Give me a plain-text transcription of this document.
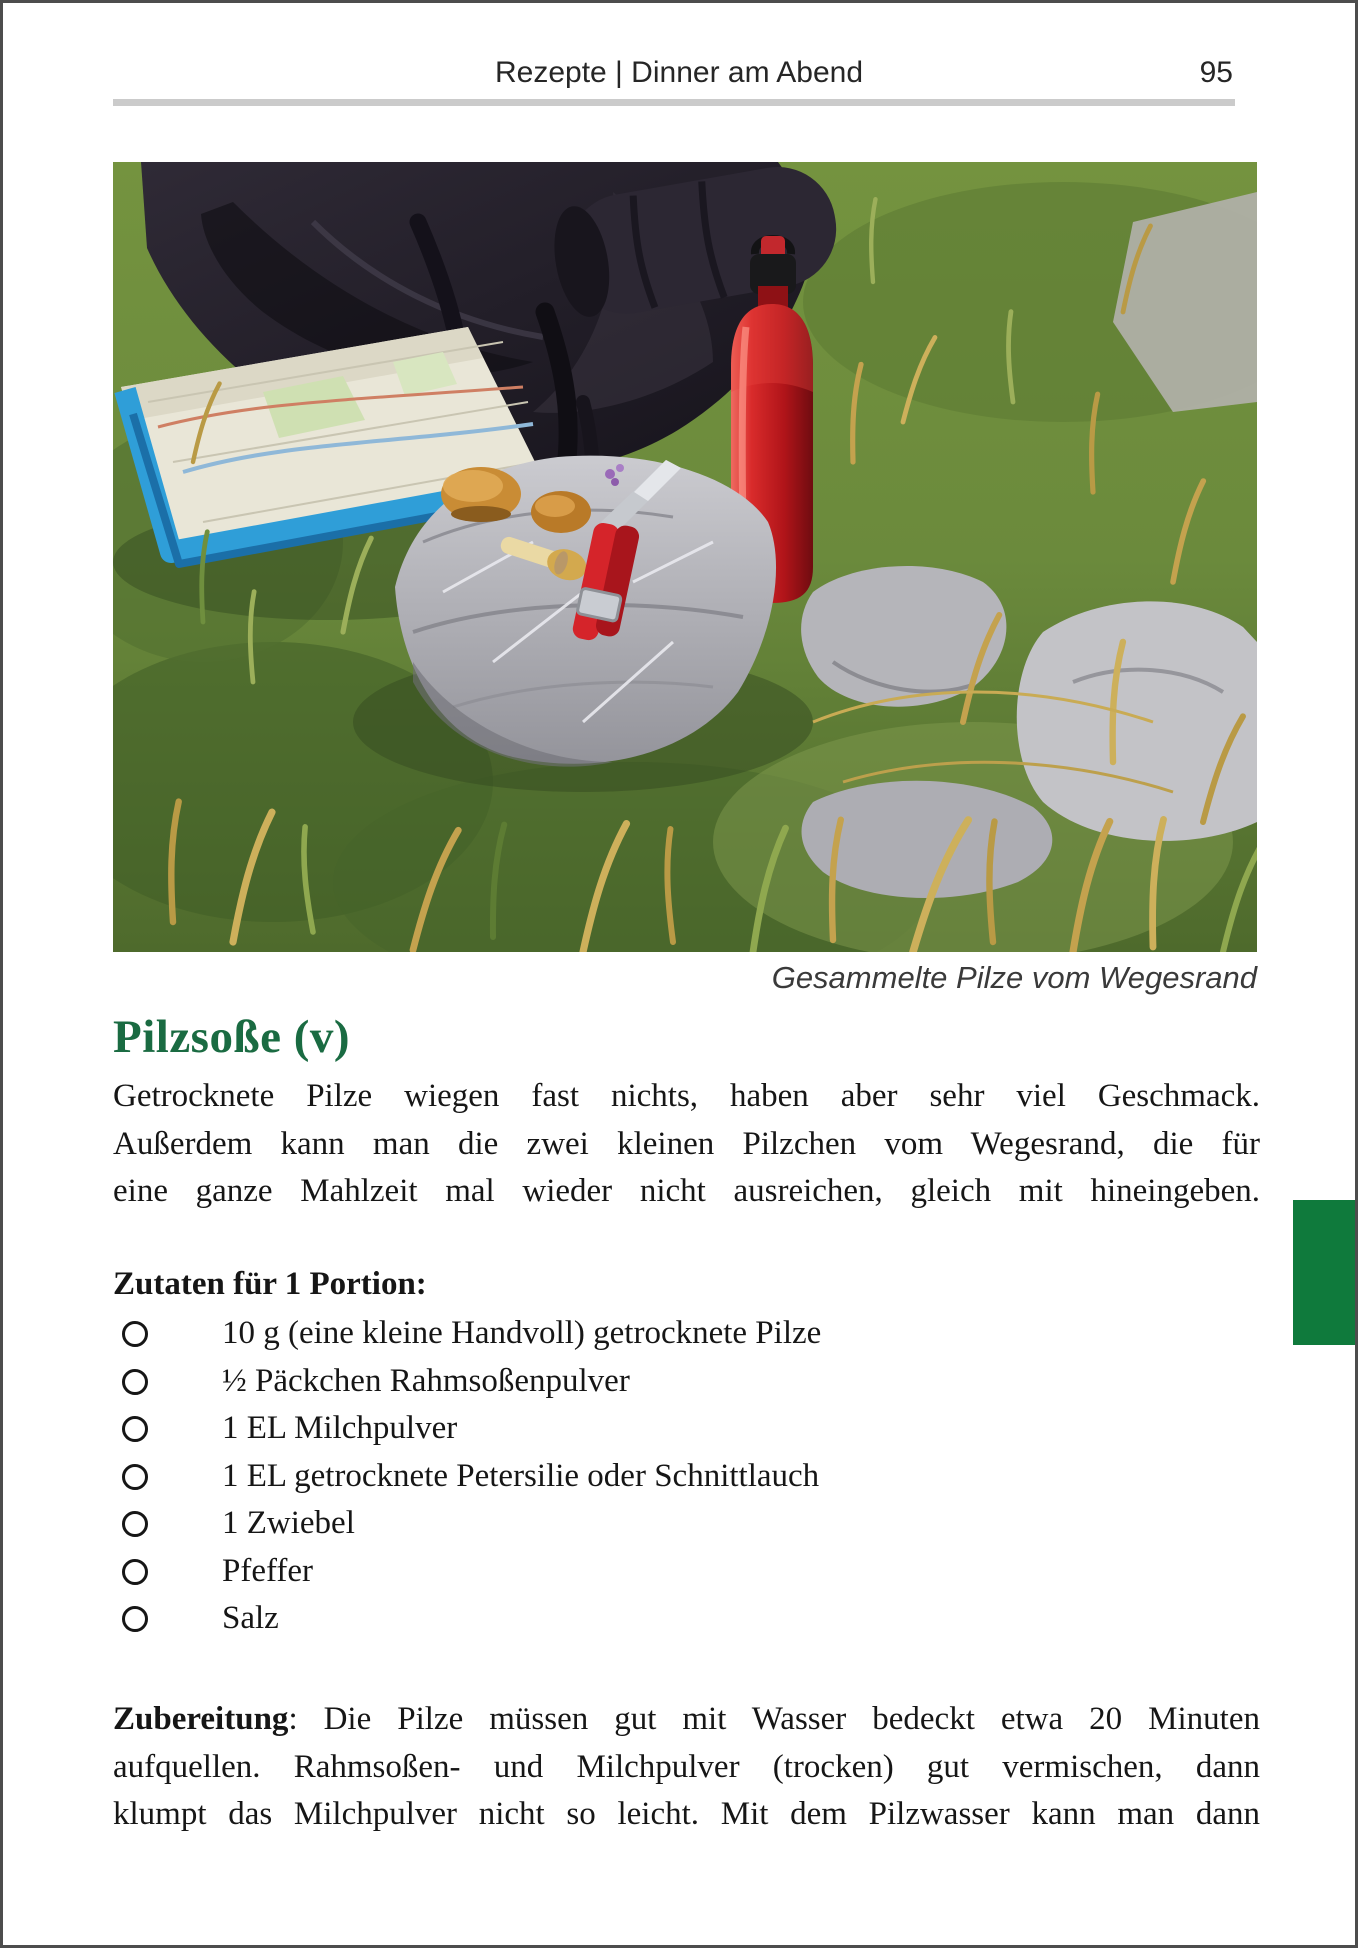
Rezepte | Dinner am Abend	95
Gesammelte Pilze vom Wegesrand
Pilzsoße (v)
Getrocknete Pilze wiegen fast nichts, haben aber sehr viel Geschmack.
Außerdem kann man die zwei kleinen Pilzchen vom Wegesrand, die für
eine ganze Mahlzeit mal wieder nicht ausreichen, gleich mit hineingeben.
Zutaten für 1 Portion:
10 g (eine kleine Handvoll) getrocknete Pilze
½ Päckchen Rahmsoßenpulver
1 EL Milchpulver
1 EL getrocknete Petersilie oder Schnittlauch
1 Zwiebel
Pfeffer
Salz
Zubereitung: Die Pilze müssen gut mit Wasser bedeckt etwa 20 Minuten
aufquellen. Rahmsoßen- und Milchpulver (trocken) gut vermischen, dann
klumpt das Milchpulver nicht so leicht. Mit dem Pilzwasser kann man dann
